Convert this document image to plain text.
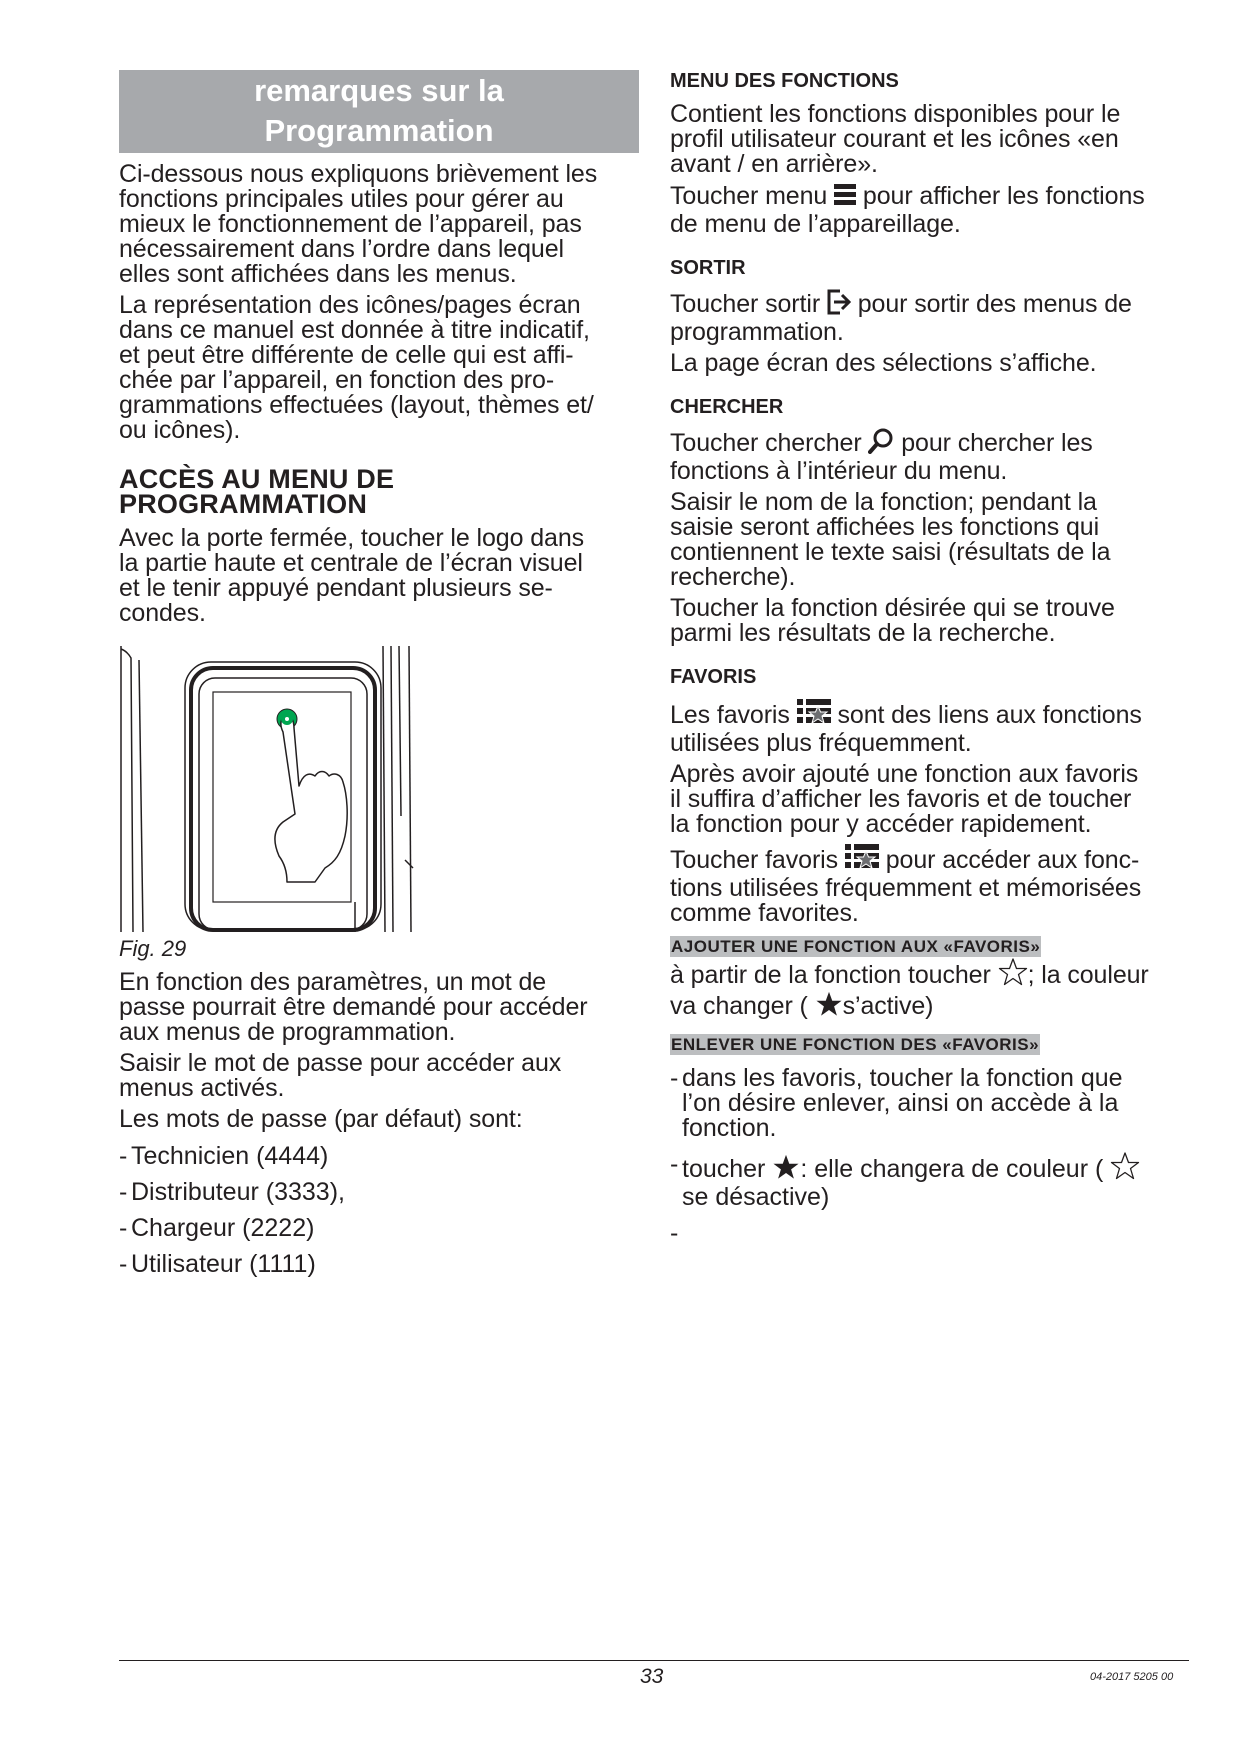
remarques sur la
Programmation

Ci-dessous nous expliquons brièvement les
fonctions principales utiles pour gérer au
mieux le fonctionnement de l’appareil, pas
nécessairement dans l’ordre dans lequel
elles sont affichées dans les menus.

La représentation des icônes/pages écran
dans ce manuel est donnée à titre indicatif,
et peut être différente de celle qui est affi-
chée par l’appareil, en fonction des pro-
grammations effectuées (layout, thèmes et/
ou icônes).

ACCÈS AU MENU DE
PROGRAMMATION

Avec la porte fermée, toucher le logo dans
la partie haute et centrale de l’écran visuel
et le tenir appuyé pendant plusieurs se-
condes.

Fig. 29

En fonction des paramètres, un mot de
passe pourrait être demandé pour accéder
aux menus de programmation.

Saisir le mot de passe pour accéder aux
menus activés.

Les mots de passe (par défaut) sont:

- Technicien (4444)
- Distributeur (3333),
- Chargeur (2222)
- Utilisateur (1111)
MENU DES FONCTIONS

Contient les fonctions disponibles pour le
profil utilisateur courant et les icônes «en
avant / en arrière».

Toucher menu  pour afficher les fonctions
de menu de l’appareillage.

SORTIR

Toucher sortir  pour sortir des menus de
programmation.

La page écran des sélections s’affiche.

CHERCHER

Toucher chercher  pour chercher les
fonctions à l’intérieur du menu.

Saisir le nom de la fonction; pendant la
saisie seront affichées les fonctions qui
contiennent le texte saisi (résultats de la
recherche).

Toucher la fonction désirée qui se trouve
parmi les résultats de la recherche.

FAVORIS

Les favoris  sont des liens aux fonctions
utilisées plus fréquemment.

Après avoir ajouté une fonction aux favoris
il suffira d’afficher les favoris et de toucher
la fonction pour y accéder rapidement.

Toucher favoris  pour accéder aux fonc-
tions utilisées fréquemment et mémorisées
comme favorites.

AJOUTER UNE FONCTION AUX «FAVORIS»

à partir de la fonction toucher ; la couleur
va changer ( s’active)

ENLEVER UNE FONCTION DES «FAVORIS»
- dans les favoris, toucher la fonction que
l’on désire enlever, ainsi on accède à la
fonction.
- toucher : elle changera de couleur (
se désactive)
-
33	04-2017 5205 00
